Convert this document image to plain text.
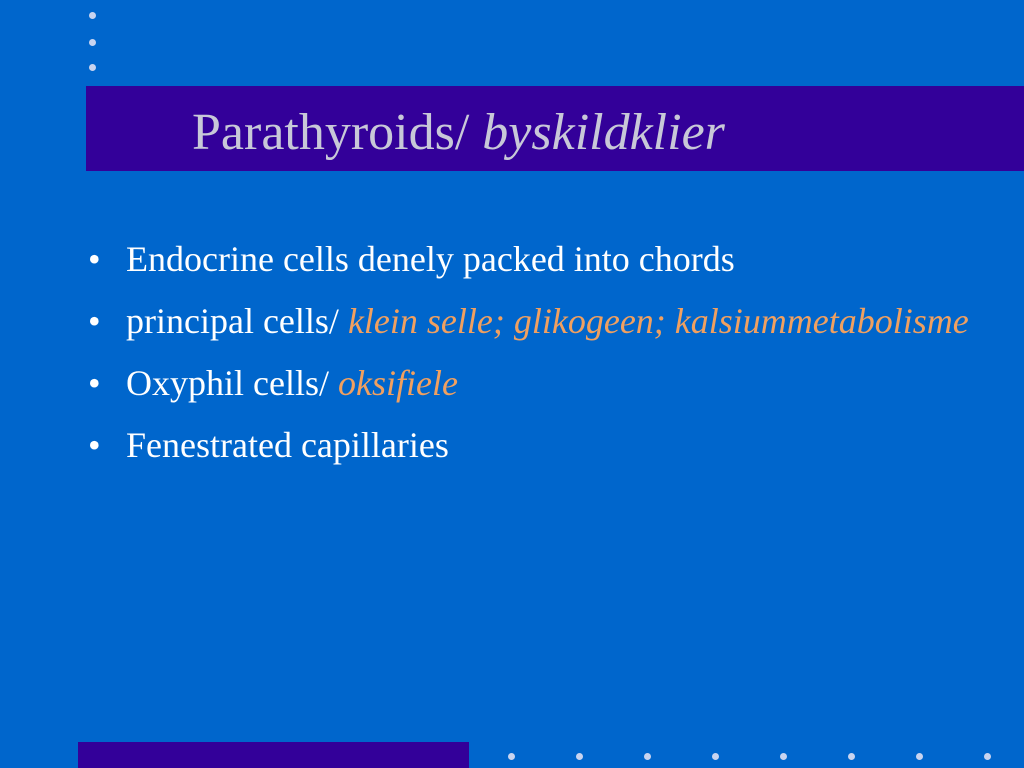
Parathyroids/ byskildklier
• Endocrine cells denely packed into chords
• principal cells/ klein selle; glikogeen; kalsiummetabolisme
• Oxyphil cells/ oksifiele
• Fenestrated capillaries
